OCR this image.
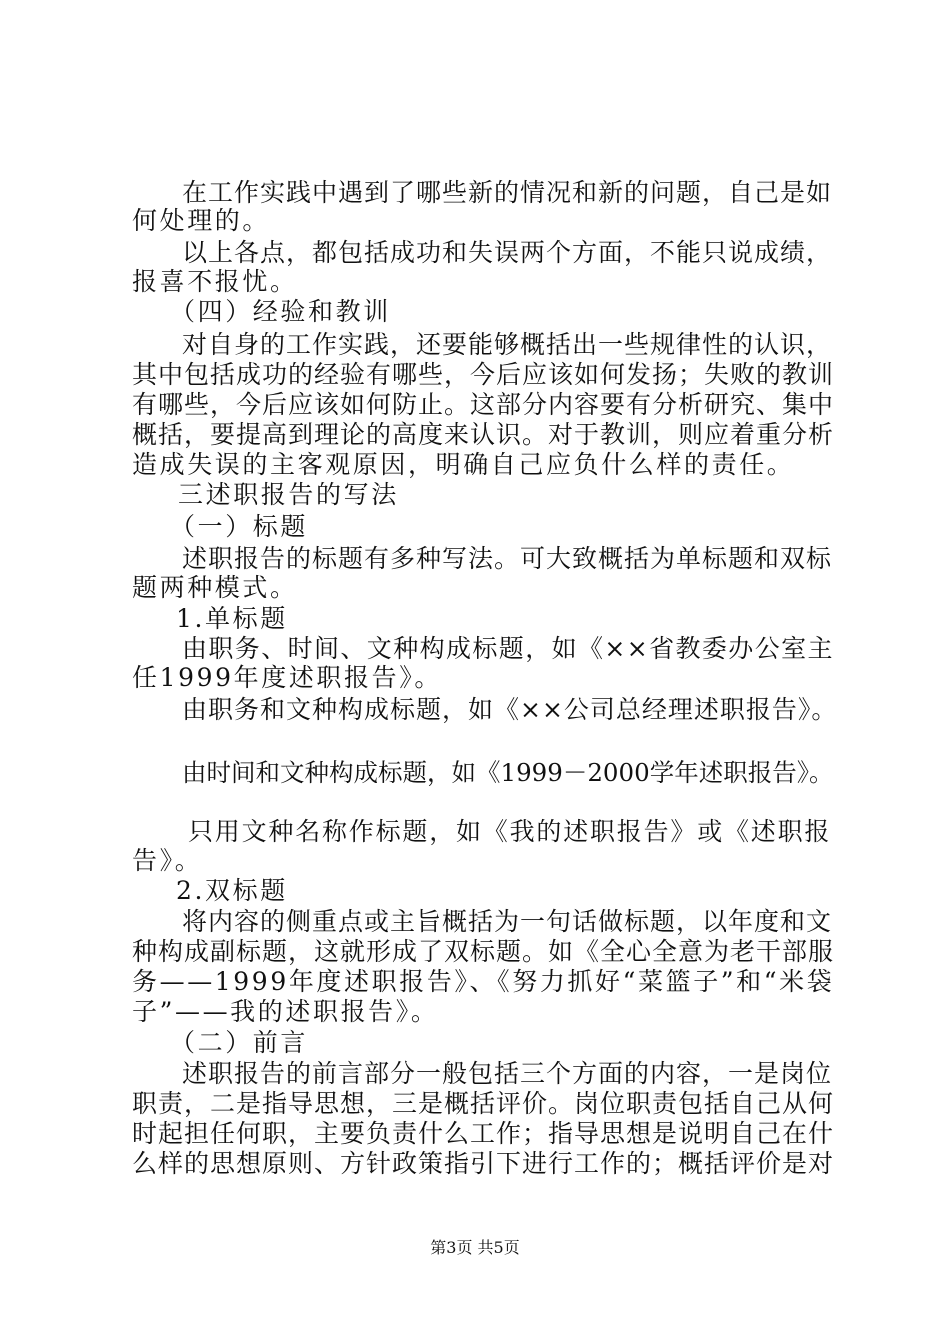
在工作实践中遇到了哪些新的情况和新的问题，自己是如
何处理的。
以上各点，都包括成功和失误两个方面，不能只说成绩，
报喜不报忧。
（四）经验和教训
对自身的工作实践，还要能够概括出一些规律性的认识，
其中包括成功的经验有哪些，今后应该如何发扬；失败的教训
有哪些，今后应该如何防止。这部分内容要有分析研究、集中
概括，要提高到理论的高度来认识。对于教训，则应着重分析
造成失误的主客观原因，明确自己应负什么样的责任。
三述职报告的写法
（一）标题
述职报告的标题有多种写法。可大致概括为单标题和双标
题两种模式。
1.单标题
由职务、时间、文种构成标题，如《××省教委办公室主
任1999年度述职报告》。
由职务和文种构成标题，如《××公司总经理述职报告》。
由时间和文种构成标题，如《1999－2000学年述职报告》。
只用文种名称作标题，如《我的述职报告》或《述职报
告》。
2.双标题
将内容的侧重点或主旨概括为一句话做标题，以年度和文
种构成副标题，这就形成了双标题。如《全心全意为老干部服
务——1999年度述职报告》、《努力抓好“菜篮子”和“米袋
子”——我的述职报告》。
（二）前言
述职报告的前言部分一般包括三个方面的内容，一是岗位
职责，二是指导思想，三是概括评价。岗位职责包括自己从何
时起担任何职，主要负责什么工作；指导思想是说明自己在什
么样的思想原则、方针政策指引下进行工作的；概括评价是对
第3页 共5页
